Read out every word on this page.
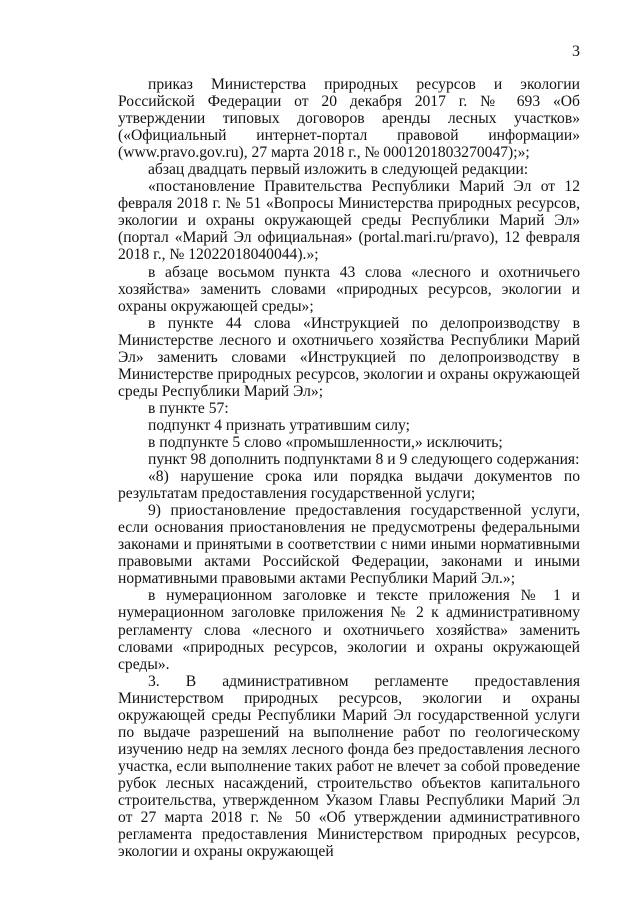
3

приказ Министерства природных ресурсов и экологии Российской Федерации от 20 декабря 2017 г. № 693 «Об утверждении типовых договоров аренды лесных участков» («Официальный интернет-портал правовой информации» (www.pravo.gov.ru), 27 марта 2018 г., № 0001201803270047);»;

абзац двадцать первый изложить в следующей редакции:

«постановление Правительства Республики Марий Эл от 12 февраля 2018 г. № 51 «Вопросы Министерства природных ресурсов, экологии и охраны окружающей среды Республики Марий Эл» (портал «Марий Эл официальная» (portal.mari.ru/pravo), 12 февраля 2018 г., № 12022018040044).»;

в абзаце восьмом пункта 43 слова «лесного и охотничьего хозяйства» заменить словами «природных ресурсов, экологии и охраны окружающей среды»;

в пункте 44 слова «Инструкцией по делопроизводству в Министерстве лесного и охотничьего хозяйства Республики Марий Эл» заменить словами «Инструкцией по делопроизводству в Министерстве природных ресурсов, экологии и охраны окружающей среды Республики Марий Эл»;

в пункте 57:

подпункт 4 признать утратившим силу;

в подпункте 5 слово «промышленности,» исключить;

пункт 98 дополнить подпунктами 8 и 9 следующего содержания:

«8) нарушение срока или порядка выдачи документов по результатам предоставления государственной услуги;

9) приостановление предоставления государственной услуги, если основания приостановления не предусмотрены федеральными законами и принятыми в соответствии с ними иными нормативными правовыми актами Российской Федерации, законами и иными нормативными правовыми актами Республики Марий Эл.»;

в нумерационном заголовке и тексте приложения № 1 и нумерационном заголовке приложения № 2 к административному регламенту слова «лесного и охотничьего хозяйства» заменить словами «природных ресурсов, экологии и охраны окружающей среды».

3. В административном регламенте предоставления Министерством природных ресурсов, экологии и охраны окружающей среды Республики Марий Эл государственной услуги по выдаче разрешений на выполнение работ по геологическому изучению недр на землях лесного фонда без предоставления лесного участка, если выполнение таких работ не влечет за собой проведение рубок лесных насаждений, строительство объектов капитального строительства, утвержденном Указом Главы Республики Марий Эл от 27 марта 2018 г. № 50 «Об утверждении административного регламента предоставления Министерством природных ресурсов, экологии и охраны окружающей
